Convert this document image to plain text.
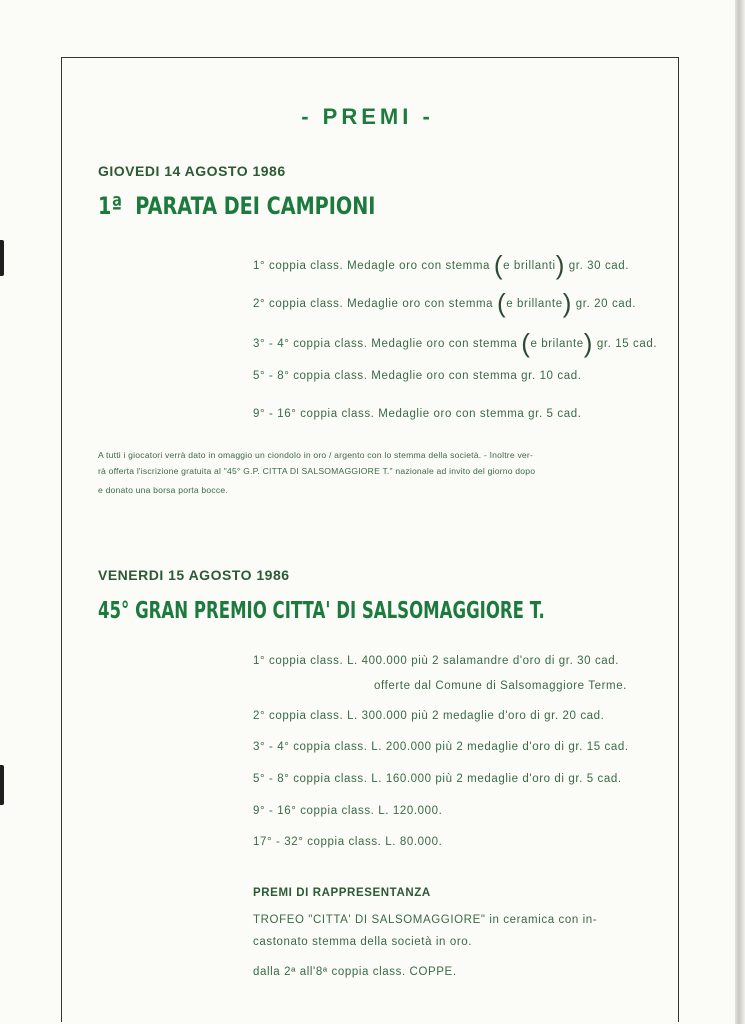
- PREMI -
GIOVEDI 14 AGOSTO 1986
1ª PARATA DEI CAMPIONI
1° coppia class. Medagle oro con stemma (e brillanti) gr. 30 cad.
2° coppia class. Medaglie oro con stemma (e brillante) gr. 20 cad.
3° - 4° coppia class. Medaglie oro con stemma (e brilante) gr. 15 cad.
5° - 8° coppia class. Medaglie oro con stemma gr. 10 cad.
9° - 16° coppia class. Medaglie oro con stemma gr. 5 cad.
A tutti i giocatori verrà dato in omaggio un ciondolo in oro / argento con lo stemma della società. - Inoltre ver-
rà offerta l'iscrizione gratuita al "45° G.P. CITTA DI SALSOMAGGIORE T." nazionale ad invito del giorno dopo
e donato una borsa porta bocce.
VENERDI 15 AGOSTO 1986
45° GRAN PREMIO CITTA' DI SALSOMAGGIORE T.
1° coppia class. L. 400.000 più 2 salamandre d'oro di gr. 30 cad.
offerte dal Comune di Salsomaggiore Terme.
2° coppia class. L. 300.000 più 2 medaglie d'oro di gr. 20 cad.
3° - 4° coppia class. L. 200.000 più 2 medaglie d'oro di gr. 15 cad.
5° - 8° coppia class. L. 160.000 più 2 medaglie d'oro di gr. 5 cad.
9° - 16° coppia class. L. 120.000.
17° - 32° coppia class. L. 80.000.
PREMI DI RAPPRESENTANZA
TROFEO "CITTA' DI SALSOMAGGIORE" in ceramica con in-
castonato stemma della società in oro.
dalla 2ª all'8ª coppia class. COPPE.
